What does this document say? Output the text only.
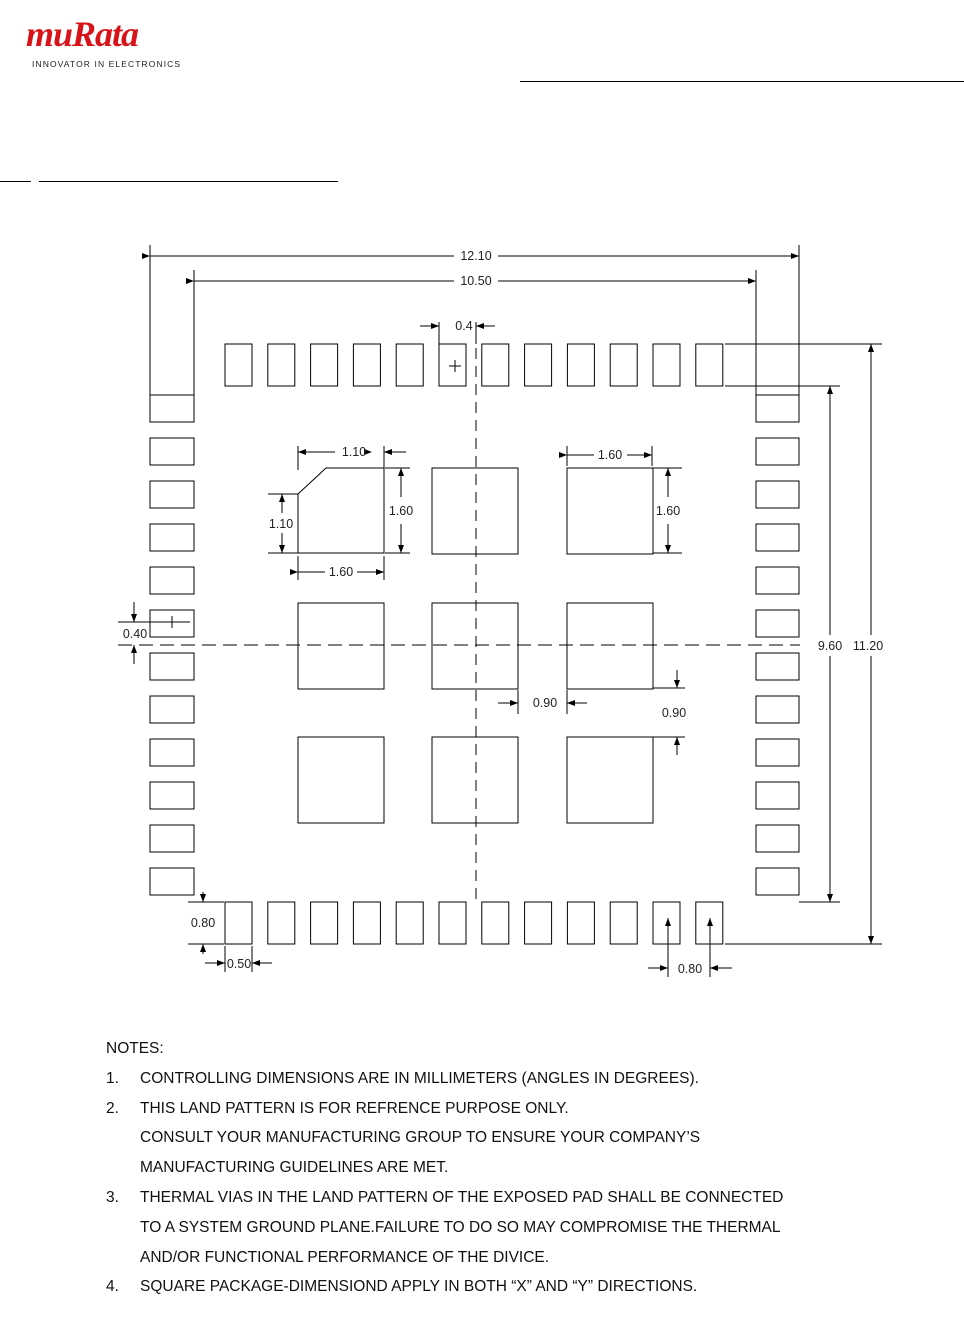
muRata
INNOVATOR IN ELECTRONICS
12.10
10.50
0.4
1.10
1.60
1.10
1.60
1.60
1.60
0.40
0.90
0.90
9.60 11.20
0.80
0.50	0.80
NOTES:
1.	CONTROLLING DIMENSIONS ARE IN MILLIMETERS (ANGLES IN DEGREES).
2.	THIS LAND PATTERN IS FOR REFRENCE PURPOSE ONLY.
CONSULT YOUR MANUFACTURING GROUP TO ENSURE YOUR COMPANY’S
MANUFACTURING GUIDELINES ARE MET.
3.	THERMAL VIAS IN THE LAND PATTERN OF THE EXPOSED PAD SHALL BE CONNECTED
TO A SYSTEM GROUND PLANE.FAILURE TO DO SO MAY COMPROMISE THE THERMAL
AND/OR FUNCTIONAL PERFORMANCE OF THE DIVICE.
4.	SQUARE PACKAGE-DIMENSIOND APPLY IN BOTH “X” AND “Y” DIRECTIONS.
